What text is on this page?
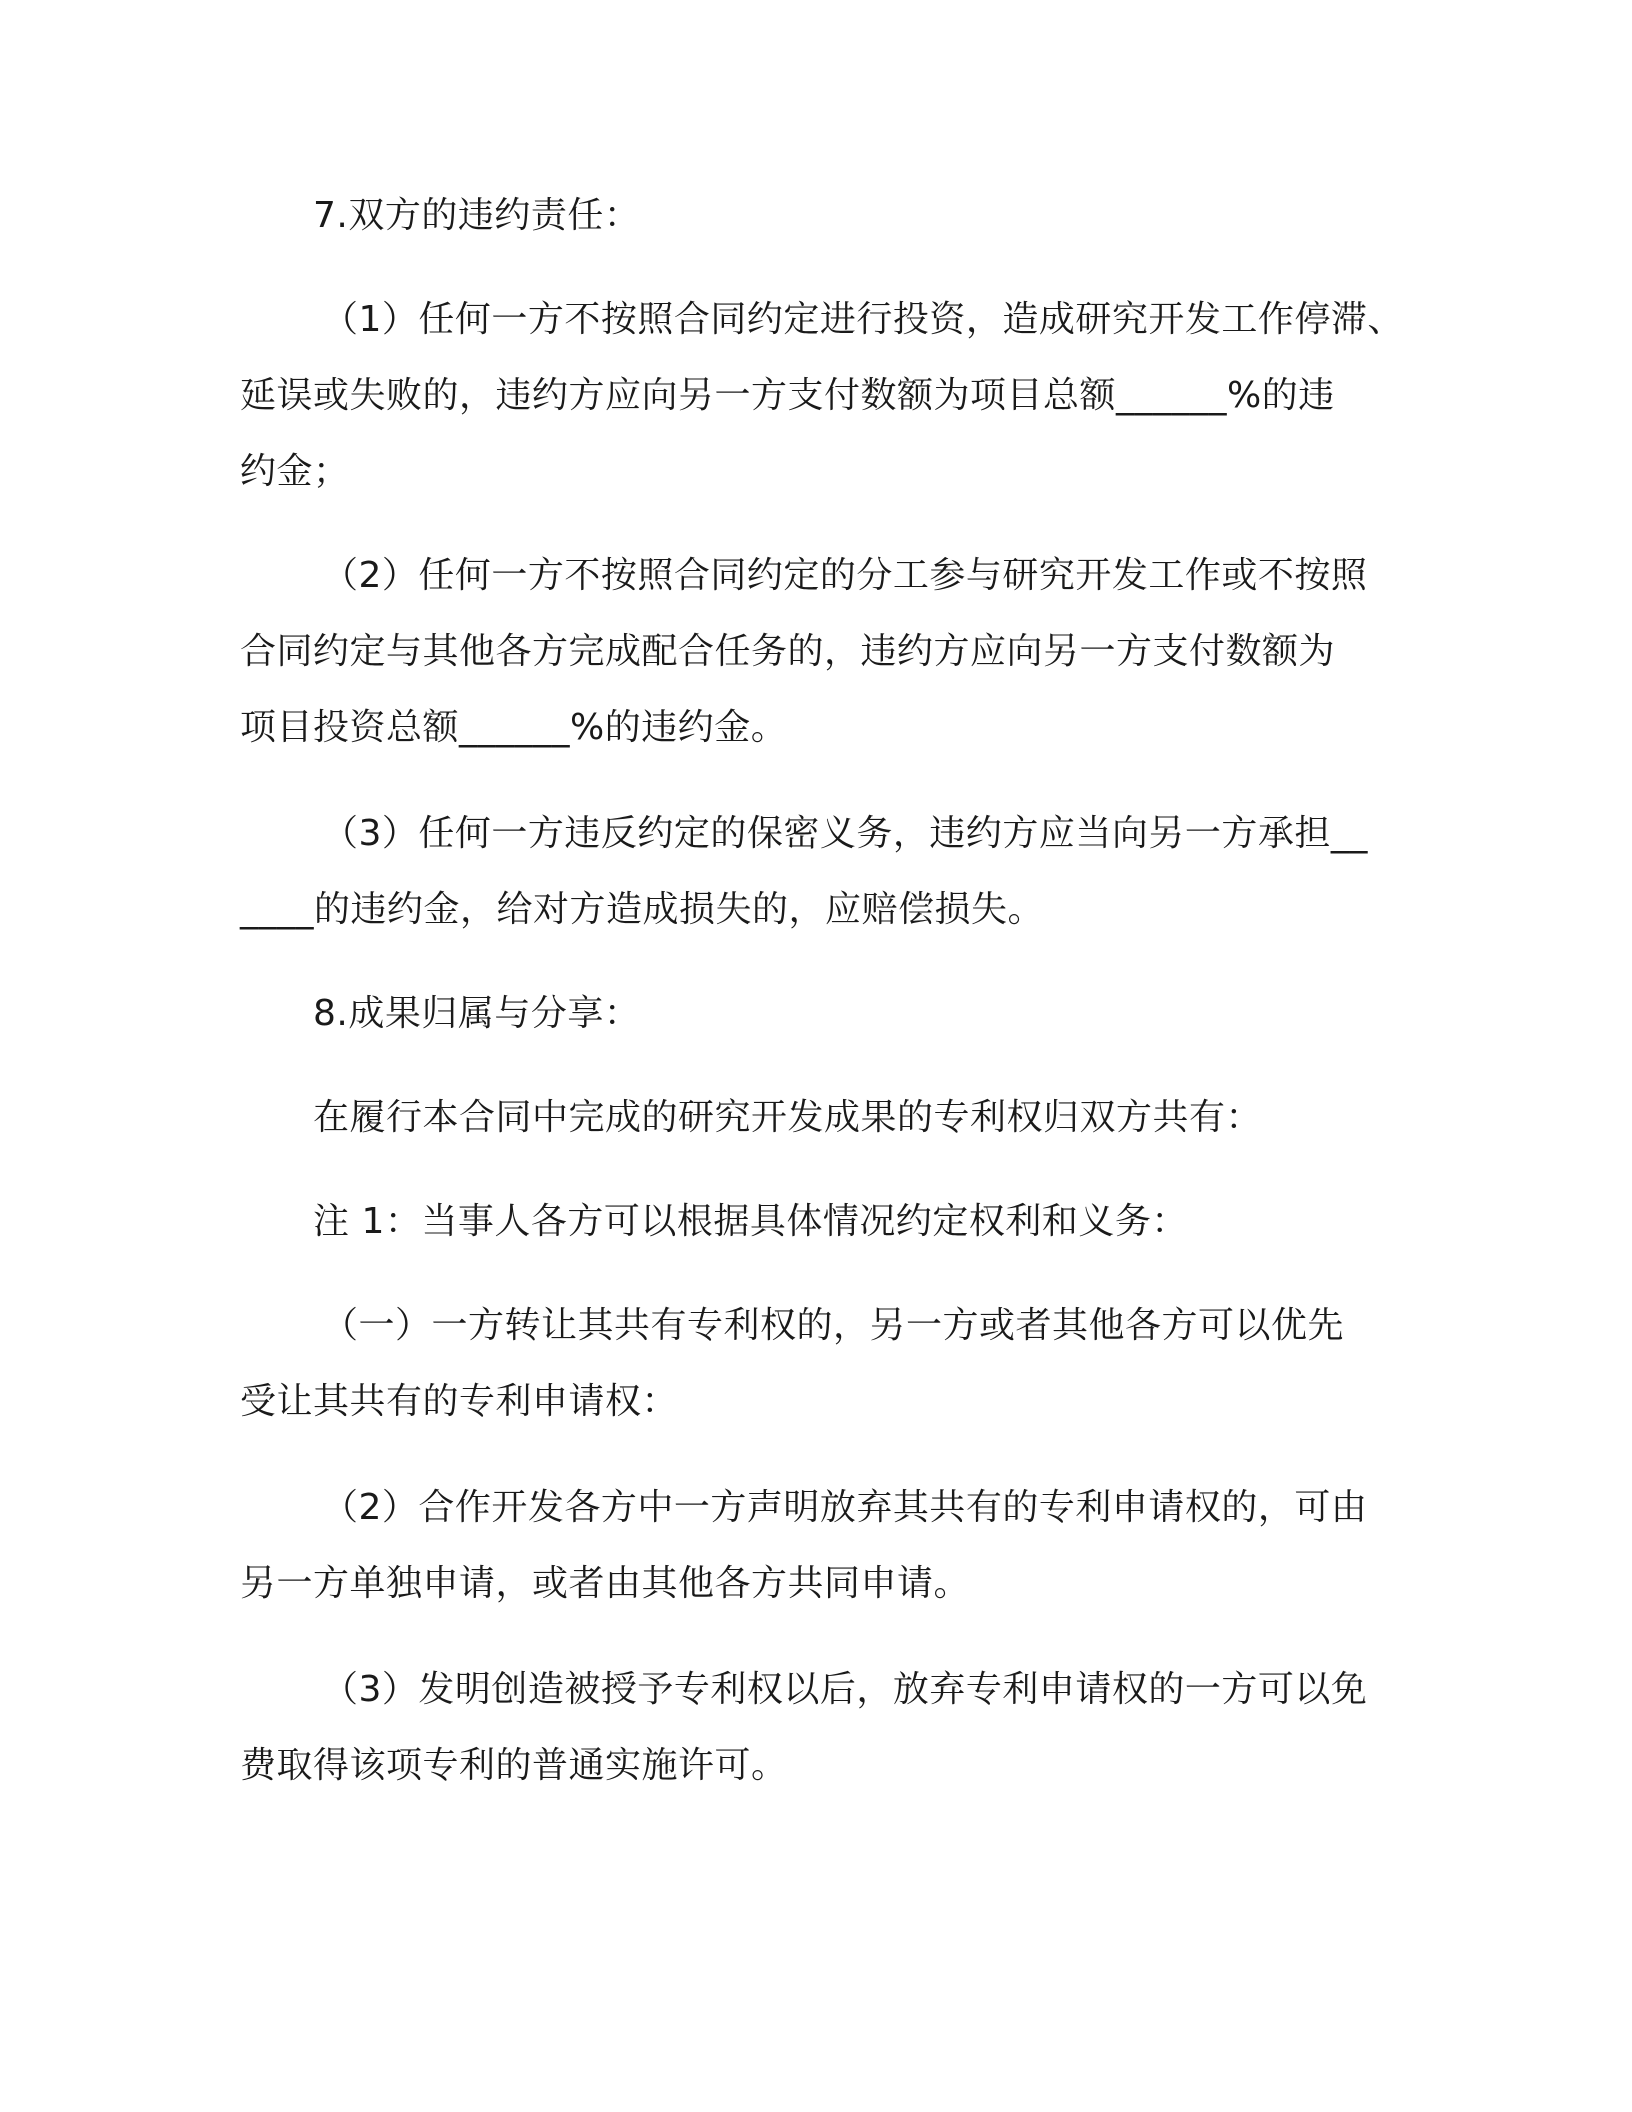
7.双方的违约责任：

（1）任何一方不按照合同约定进行投资，造成研究开发工作停滞、
延误或失败的，违约方应向另一方支付数额为项目总额______%的违
约金；

（2）任何一方不按照合同约定的分工参与研究开发工作或不按照
合同约定与其他各方完成配合任务的，违约方应向另一方支付数额为
项目投资总额______%的违约金。

（3）任何一方违反约定的保密义务，违约方应当向另一方承担__
____的违约金，给对方造成损失的，应赔偿损失。

8.成果归属与分享：

在履行本合同中完成的研究开发成果的专利权归双方共有：

注 1：当事人各方可以根据具体情况约定权利和义务：

（一）一方转让其共有专利权的，另一方或者其他各方可以优先
受让其共有的专利申请权：

（2）合作开发各方中一方声明放弃其共有的专利申请权的，可由
另一方单独申请，或者由其他各方共同申请。

（3）发明创造被授予专利权以后，放弃专利申请权的一方可以免
费取得该项专利的普通实施许可。
